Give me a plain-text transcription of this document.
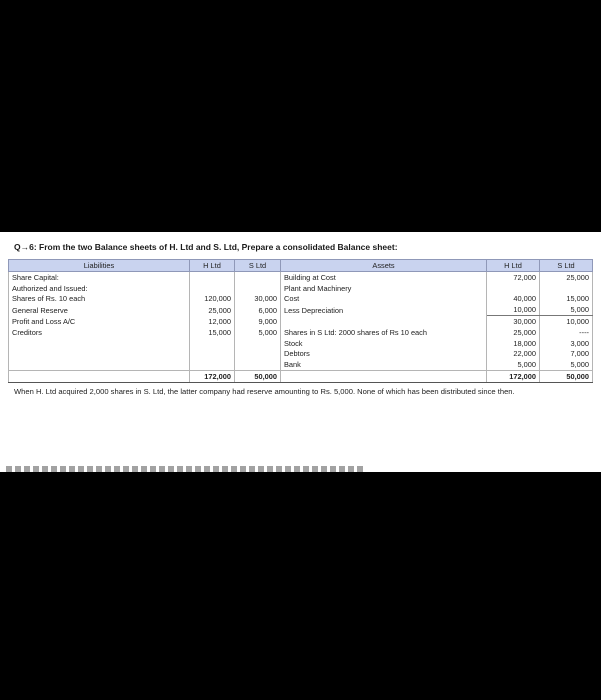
Q→6: From the two Balance sheets of H. Ltd and S. Ltd, Prepare a consolidated Balance sheet:
Liabilities	H Ltd	S Ltd	Assets	H Ltd	S Ltd
Share Capital:			Building at Cost	72,000	25,000
Authorized and Issued:			Plant and Machinery		
Shares of Rs. 10 each	120,000	30,000	Cost	40,000	15,000
General Reserve	25,000	6,000	Less Depreciation	10,000	5,000
Profit and Loss A/C	12,000	9,000		30,000	10,000
Creditors	15,000	5,000	Shares in S Ltd: 2000 shares of Rs 10 each	25,000	----
			Stock	18,000	3,000
			Debtors	22,000	7,000
			Bank	5,000	5,000
	172,000	50,000		172,000	50,000
When H. Ltd acquired 2,000 shares in S. Ltd, the latter company had reserve amounting to Rs. 5,000. None of which has been distributed since then.
